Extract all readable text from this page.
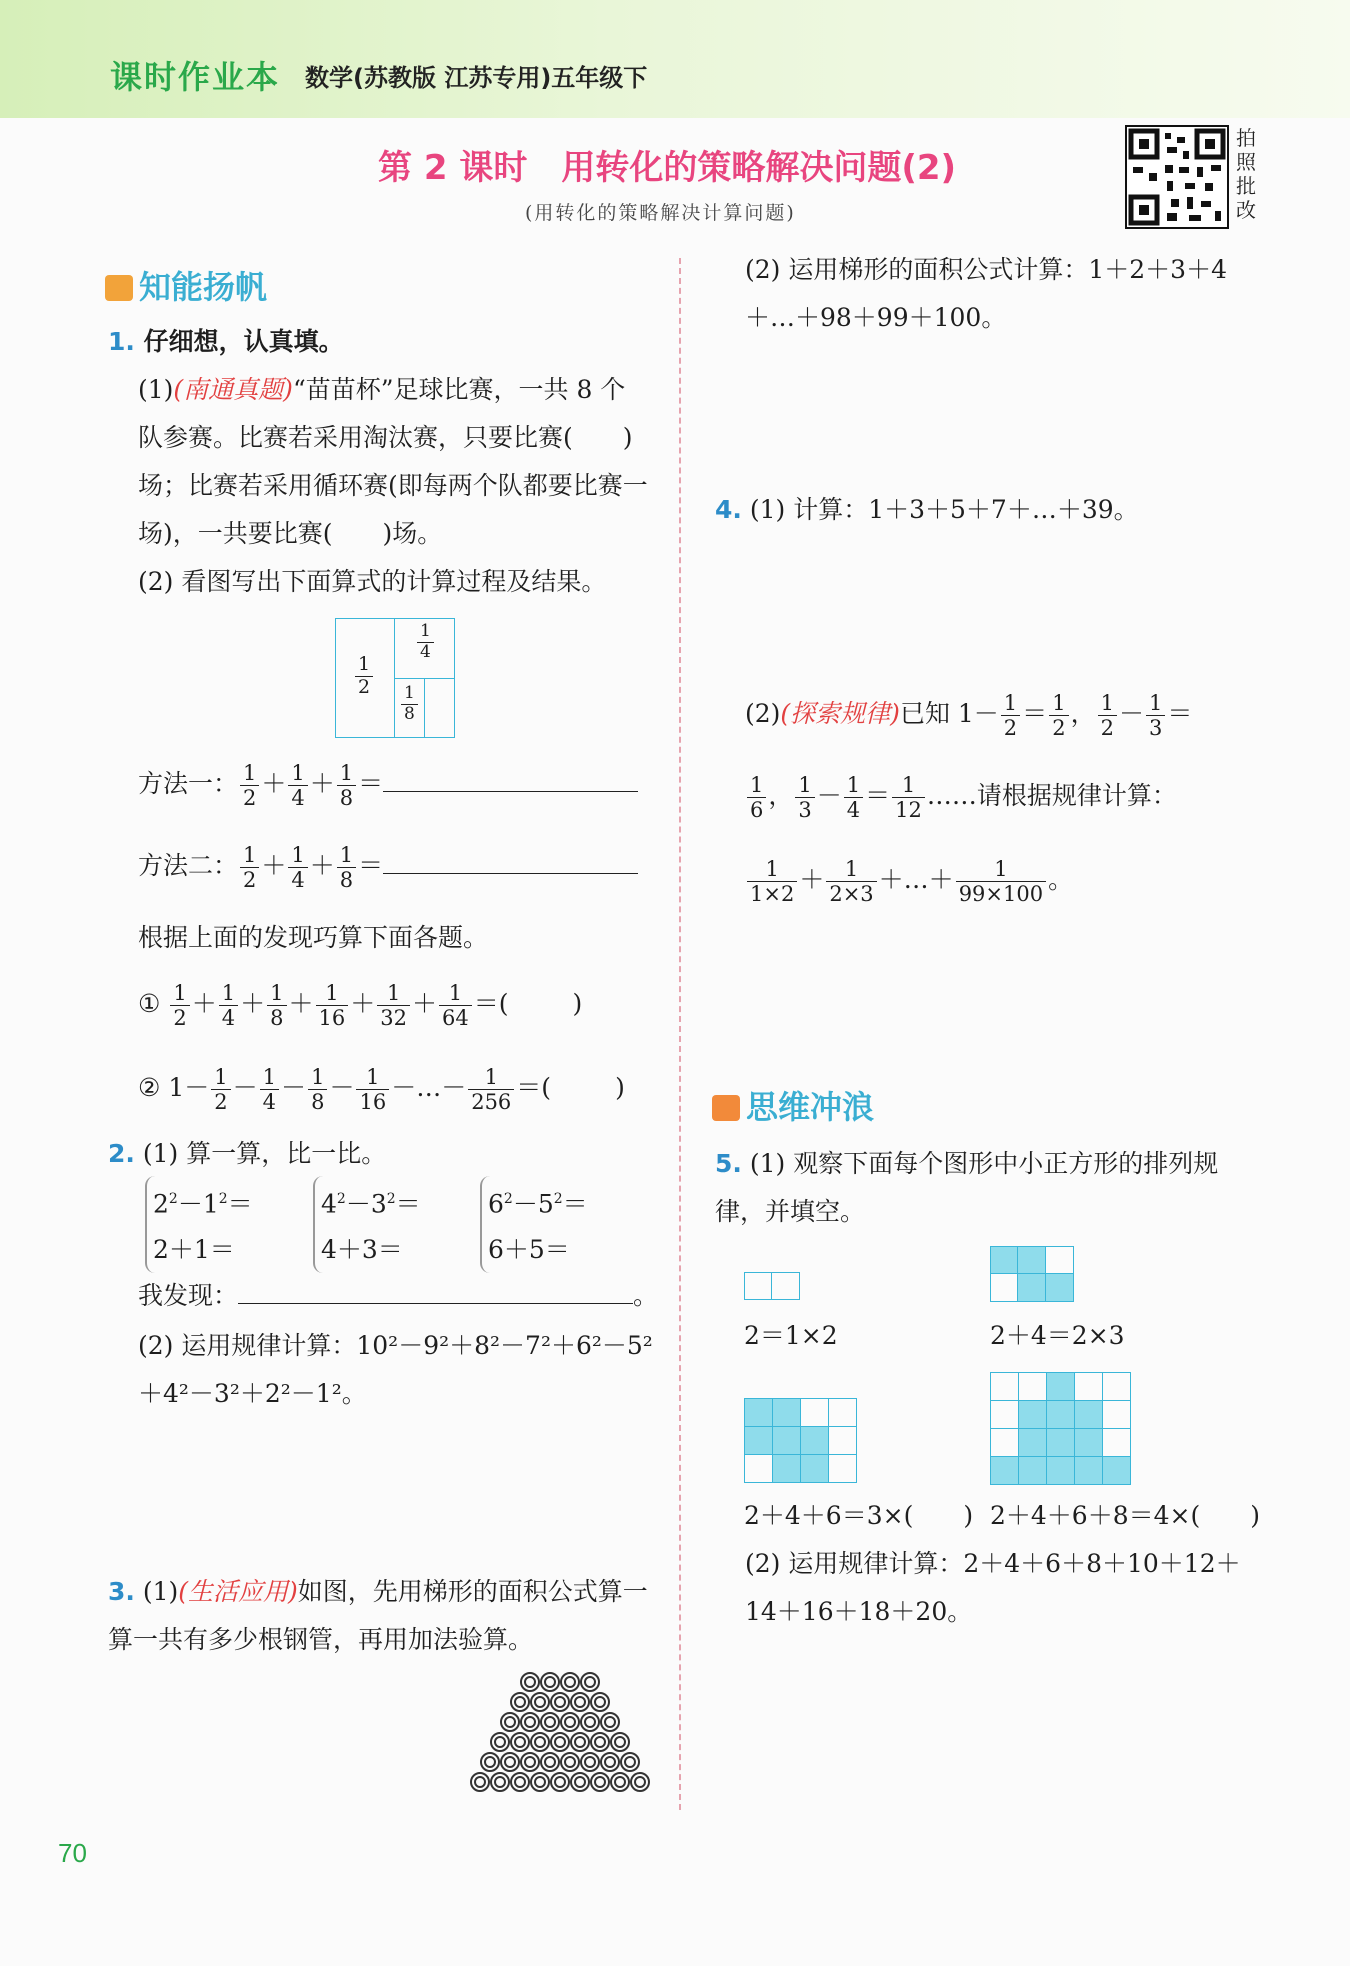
课时作业本 数学(苏教版 江苏专用)五年级下
第 2 课时　用转化的策略解决问题(2)
(用转化的策略解决计算问题)
拍照批改
知能扬帆
1. 仔细想，认真填。
(1)(南通真题)“苗苗杯”足球比赛，一共 8 个队参赛。比赛若采用淘汰赛，只要比赛(　　)场；比赛若采用循环赛(即每两个队都要比赛一场)，一共要比赛(　　)场。
(2) 看图写出下面算式的计算过程及结果。
$\frac{1}{2}$
$\frac{1}{4}$
$\frac{1}{8}$
方法一： $\frac{1}{2} + \frac{1}{4} + \frac{1}{8}$ ＝
方法二： $\frac{1}{2} + \frac{1}{4} + \frac{1}{8}$ ＝
根据上面的发现巧算下面各题。
① $\frac{1}{2} + \frac{1}{4} + \frac{1}{8} + \frac{1}{16} + \frac{1}{32} + \frac{1}{64}$ ＝(	)
② $1- \frac{1}{2} - \frac{1}{4} - \frac{1}{8} - \frac{1}{16}$ －…－ $\frac{1}{256}$ ＝(	)
2. (1) 算一算，比一比。
$2^2-1^2=$
2＋1＝
$4^2-3^2=$
4＋3＝
$6^2-5^2=$
6＋5＝
我发现：	。
(2) 运用规律计算：10²－9²＋8²－7²＋6²－5²＋4²－3²＋2²－1²。
3. (1)(生活应用)如图，先用梯形的面积公式算一算一共有多少根钢管，再用加法验算。
(2) 运用梯形的面积公式计算：1＋2＋3＋4＋…＋98＋99＋100。
4. (1) 计算：1＋3＋5＋7＋…＋39。
(2)(探索规律)已知 $1- \frac{1}{2} = \frac{1}{2}$ ， $\frac{1}{2} - \frac{1}{3}$ ＝
$\frac{1}{6}$ ， $\frac{1}{3} - \frac{1}{4} = \frac{1}{12}$ ……请根据规律计算：
$\frac{1}{1\times 2} + \frac{1}{2\times 3}$ ＋…＋ $\frac{1}{99\times 100}$ 。
思维冲浪
5. (1) 观察下面每个图形中小正方形的排列规律，并填空。
2＝1×2	2＋4＝2×3
2＋4＋6＝3×(　　) 2＋4＋6＋8＝4×(　　)
(2) 运用规律计算：2＋4＋6＋8＋10＋12＋14＋16＋18＋20。
70
